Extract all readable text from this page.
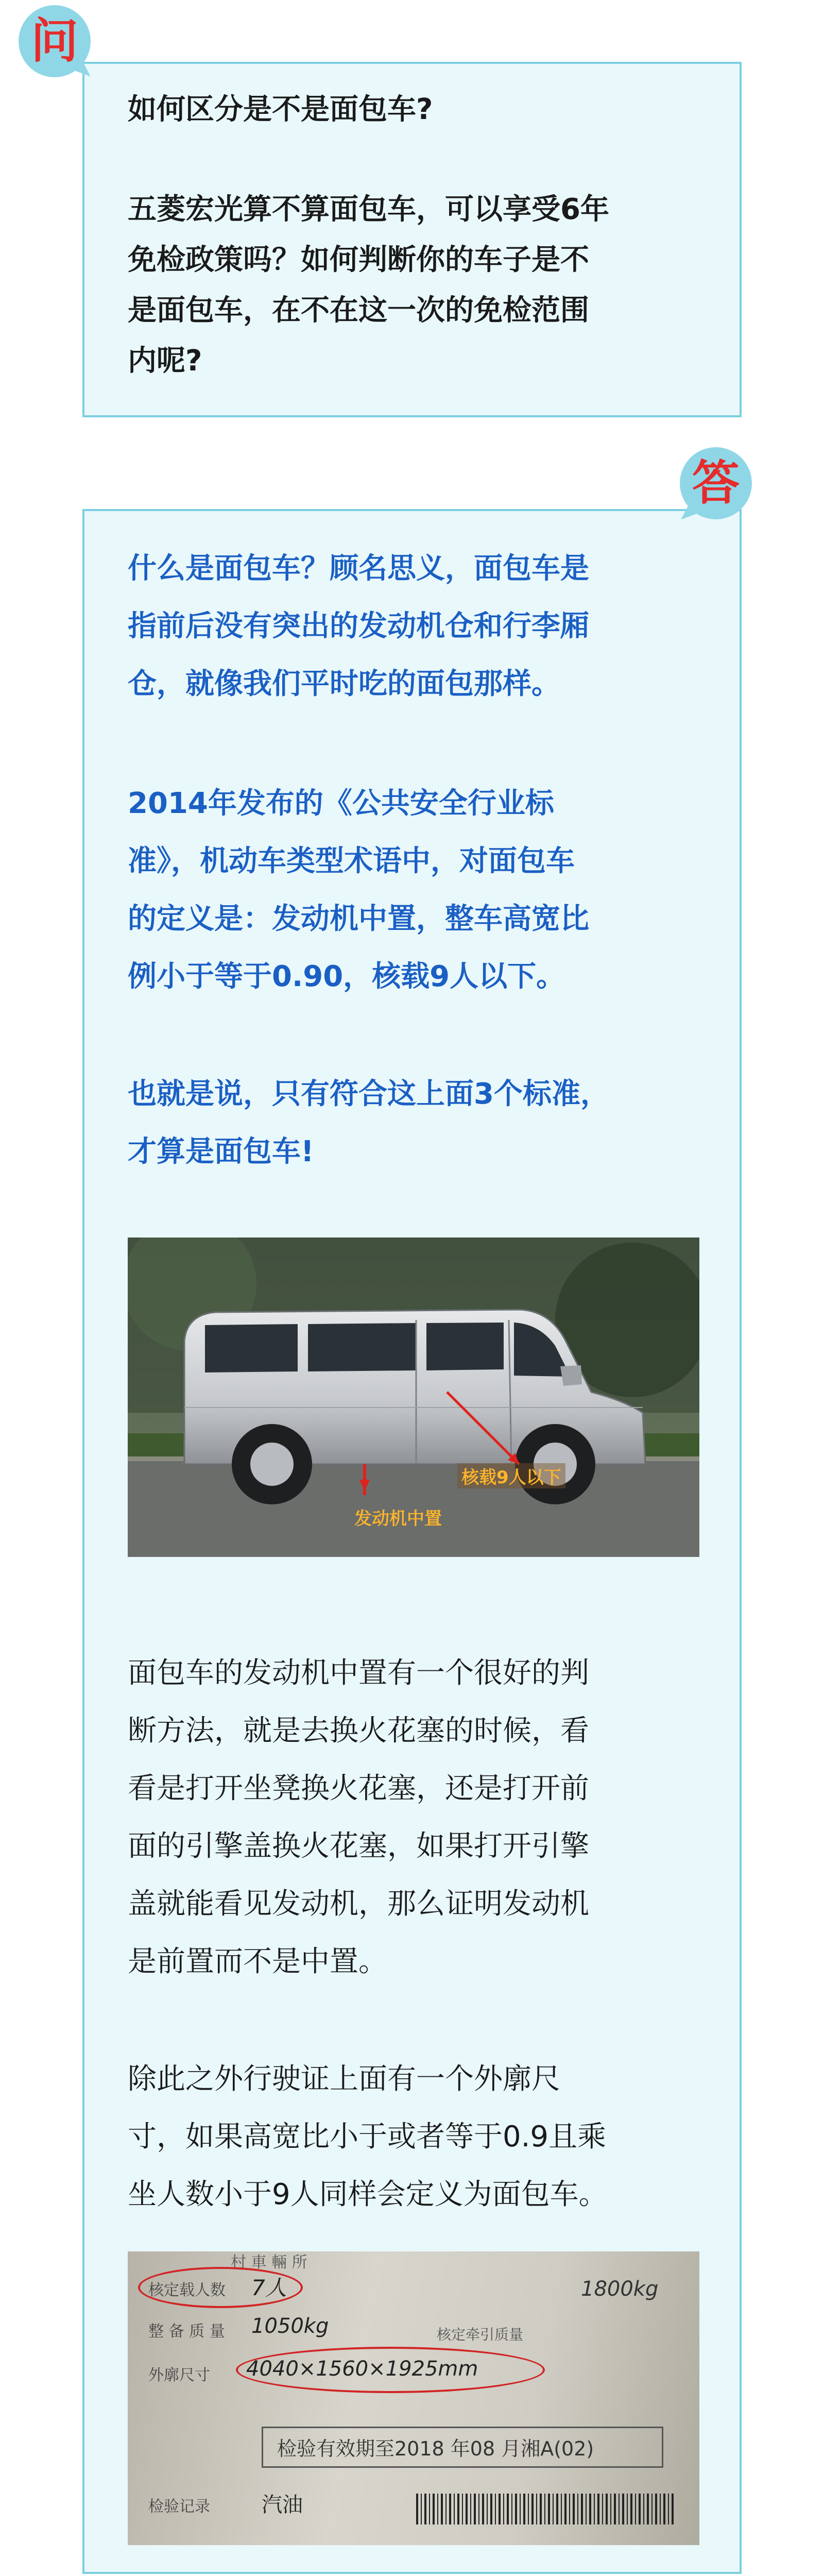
问
如何区分是不是面包车?
五菱宏光算不算面包车，可以享受6年
免检政策吗？如何判断你的车子是不
是面包车，在不在这一次的免检范围
内呢?
答
什么是面包车？顾名思义，面包车是
指前后没有突出的发动机仓和行李厢
仓，就像我们平时吃的面包那样。
2014年发布的《公共安全行业标
准》，机动车类型术语中，对面包车
的定义是：发动机中置，整车高宽比
例小于等于0.90，核载9人以下。
也就是说，只有符合这上面3个标准，
才算是面包车!
核载9人以下
发动机中置
面包车的发动机中置有一个很好的判
断方法，就是去换火花塞的时候，看
看是打开坐凳换火花塞，还是打开前
面的引擎盖换火花塞，如果打开引擎
盖就能看见发动机，那么证明发动机
是前置而不是中置。
除此之外行驶证上面有一个外廓尺
寸，如果高宽比小于或者等于0.9且乘
坐人数小于9人同样会定义为面包车。
村 車 輛 所
核定载人数 7人	1800kg
整 备 质 量 1050kg	核定牵引质量
外廓尺寸 4040×1560×1925mm
检验有效期至2018 年08 月湘A(02)
检验记录	汽油
